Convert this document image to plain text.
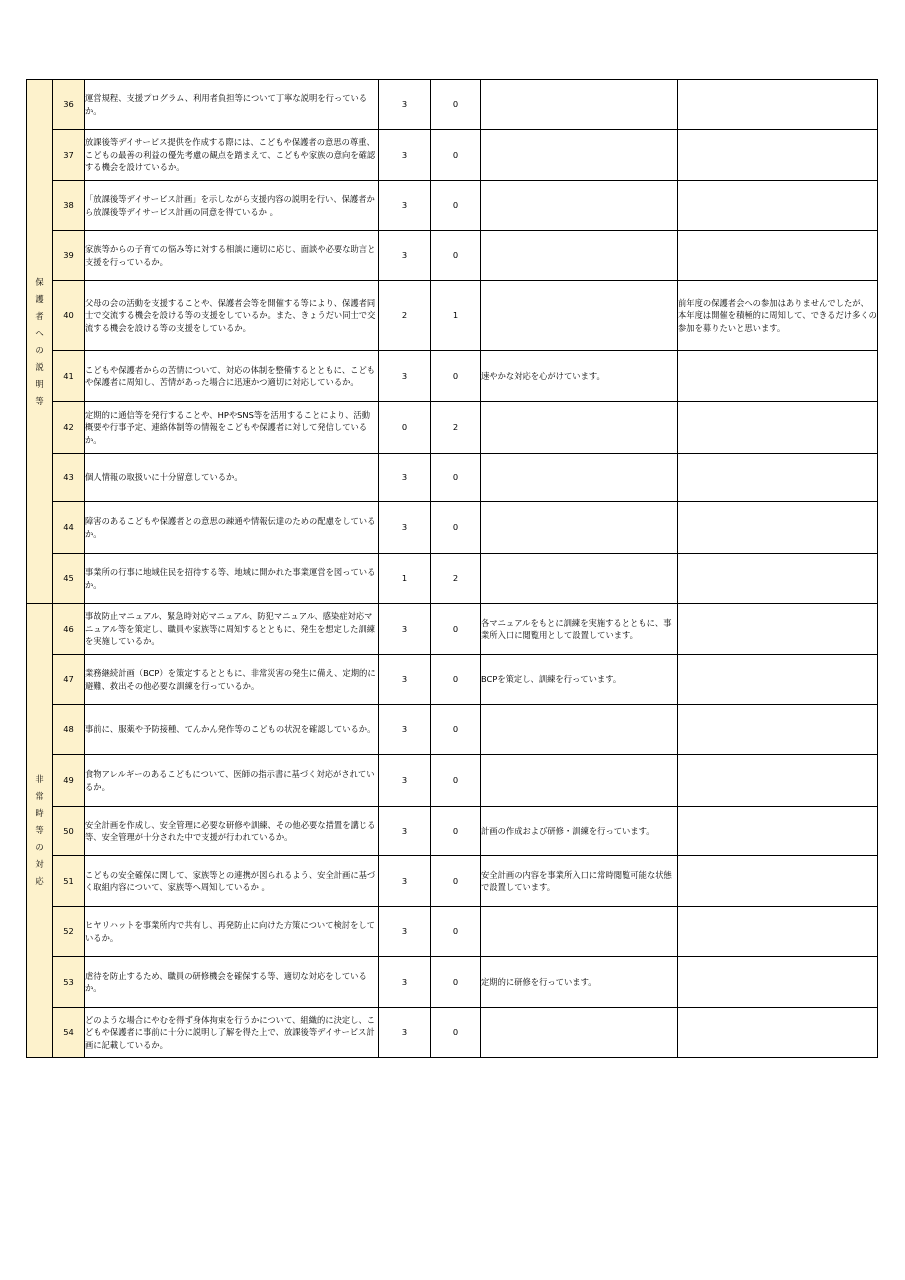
保護者への説明等	36	運営規程、支援プログラム、利用者負担等について丁寧な説明を行っているか。	3	0		
	37	放課後等デイサービス提供を作成する際には、こどもや保護者の意思の尊重、こどもの最善の利益の優先考慮の観点を踏まえて、こどもや家族の意向を確認する機会を設けているか。	3	0		
	38	「放課後等デイサービス計画」を示しながら支援内容の説明を行い、保護者から放課後等デイサービス計画の同意を得ているか 。	3	0		
	39	家族等からの子育ての悩み等に対する相談に適切に応じ、面談や必要な助言と支援を行っているか。	3	0		
	40	父母の会の活動を支援することや、保護者会等を開催する等により、保護者同士で交流する機会を設ける等の支援をしているか。また、きょうだい同士で交流する機会を設ける等の支援をしているか。	2	1		前年度の保護者会への参加はありませんでしたが、本年度は開催を積極的に周知して、できるだけ多くの参加を募りたいと思います。
	41	こどもや保護者からの苦情について、対応の体制を整備するとともに、こどもや保護者に周知し、苦情があった場合に迅速かつ適切に対応しているか。	3	0	速やかな対応を心がけています。	
	42	定期的に通信等を発行することや、HPやSNS等を活用することにより、活動概要や行事予定、連絡体制等の情報をこどもや保護者に対して発信しているか。	0	2		
	43	個人情報の取扱いに十分留意しているか。	3	0		
	44	障害のあるこどもや保護者との意思の疎通や情報伝達のための配慮をしているか。	3	0		
	45	事業所の行事に地域住民を招待する等、地域に開かれた事業運営を図っているか。	1	2		
非常時等の対応	46	事故防止マニュアル、緊急時対応マニュアル、防犯マニュアル、感染症対応マニュアル等を策定し、職員や家族等に周知するとともに、発生を想定した訓練を実施しているか。	3	0	各マニュアルをもとに訓練を実施するとともに、事業所入口に閲覧用として設置しています。	
	47	業務継続計画（BCP）を策定するとともに、非常災害の発生に備え、定期的に避難、救出その他必要な訓練を行っているか。	3	0	BCPを策定し、訓練を行っています。	
	48	事前に、服薬や予防接種、てんかん発作等のこどもの状況を確認しているか。	3	0		
	49	食物アレルギーのあるこどもについて、医師の指示書に基づく対応がされているか。	3	0		
	50	安全計画を作成し、安全管理に必要な研修や訓練、その他必要な措置を講じる等、安全管理が十分された中で支援が行われているか。	3	0	計画の作成および研修・訓練を行っています。	
	51	こどもの安全確保に関して、家族等との連携が図られるよう、安全計画に基づく取組内容について、家族等へ周知しているか 。	3	0	安全計画の内容を事業所入口に常時閲覧可能な状態で設置しています。	
	52	ヒヤリハットを事業所内で共有し、再発防止に向けた方策について検討をしているか。	3	0		
	53	虐待を防止するため、職員の研修機会を確保する等、適切な対応をしているか。	3	0	定期的に研修を行っています。	
	54	どのような場合にやむを得ず身体拘束を行うかについて、組織的に決定し、こどもや保護者に事前に十分に説明し了解を得た上で、放課後等デイサービス計画に記載しているか。	3	0		
